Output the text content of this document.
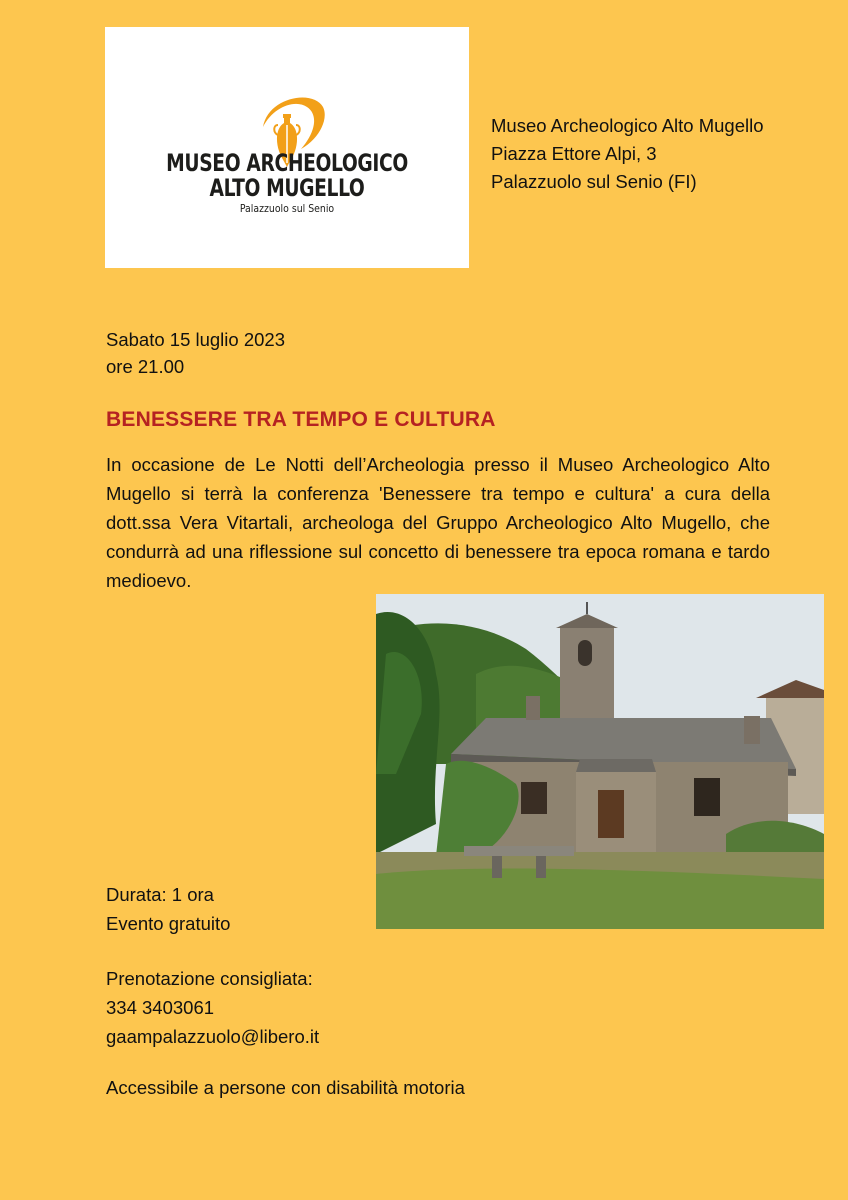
MUSEO ARCHEOLOGICO
ALTO MUGELLO
Palazzuolo sul Senio
Museo Archeologico Alto Mugello
Piazza Ettore Alpi, 3
Palazzuolo sul Senio (FI)
Sabato 15 luglio 2023
ore 21.00
BENESSERE TRA TEMPO E CULTURA
In occasione de Le Notti dell’Archeologia presso il Museo Archeologico Alto Mugello si terrà la conferenza 'Benessere tra tempo e cultura' a cura della dott.ssa Vera Vitartali, archeologa del Gruppo Archeologico Alto Mugello, che condurrà ad una riflessione sul concetto di benessere tra epoca romana e tardo medioevo.
Durata: 1 ora
Evento gratuito
Prenotazione consigliata:
334 3403061
gaampalazzuolo@libero.it
Accessibile a persone con disabilità motoria
